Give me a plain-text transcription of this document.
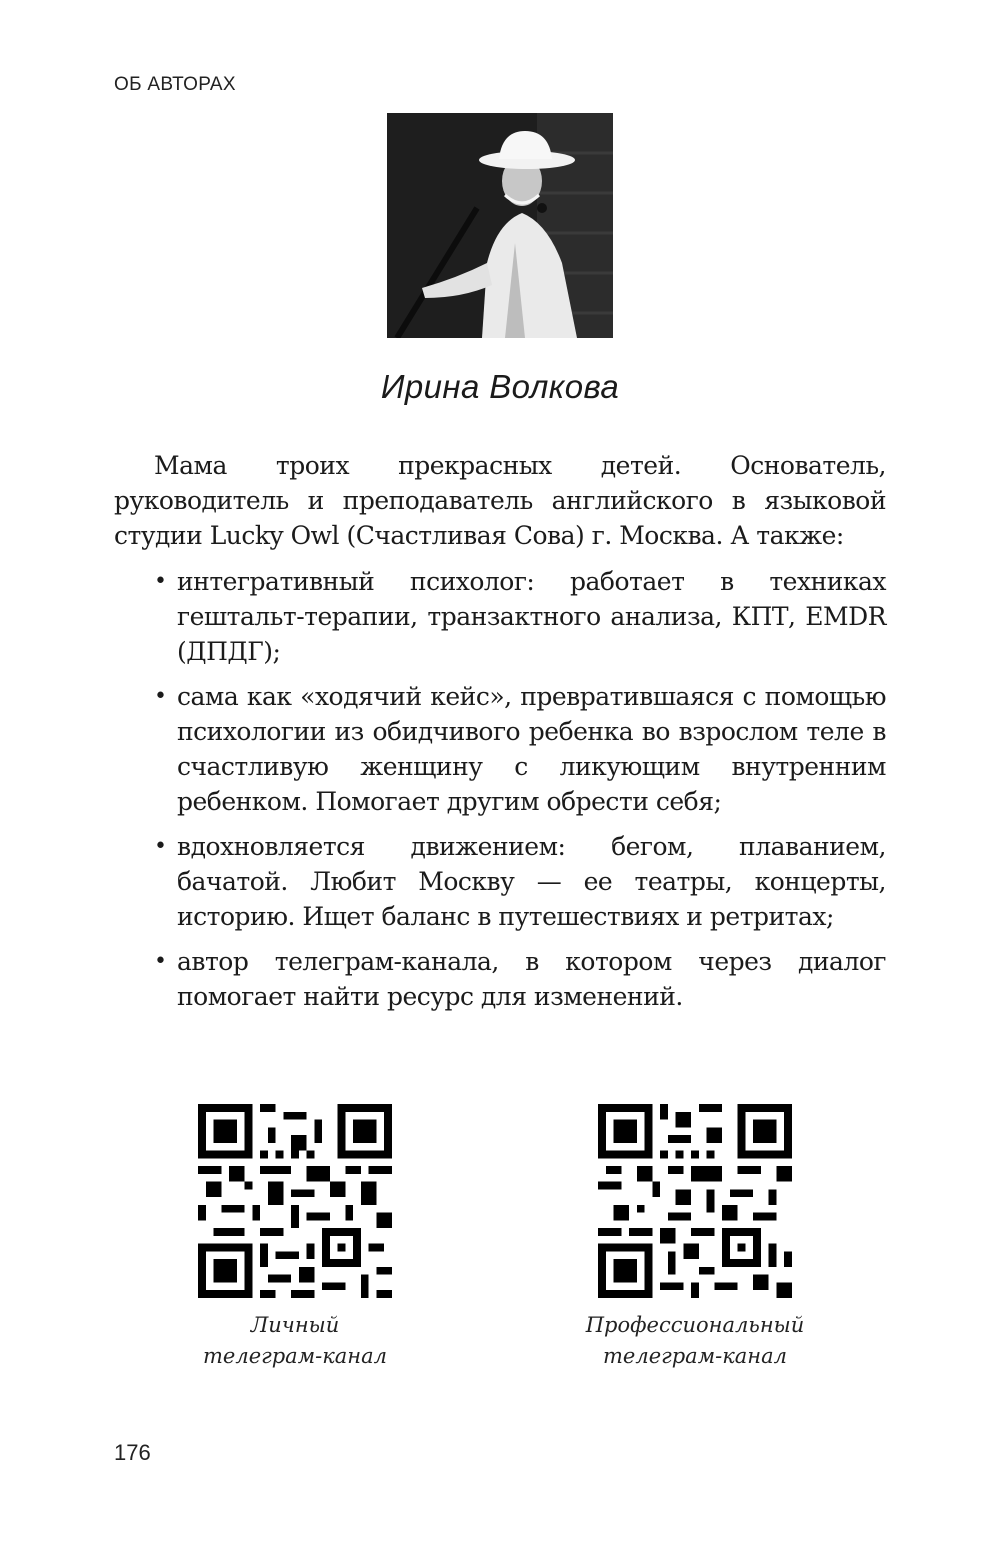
ОБ АВТОРАХ
Ирина Волкова

Мама троих прекрасных детей. Основатель, руководитель и преподаватель английского в языковой студии Lucky Owl (Счастливая Сова) г. Москва. А также:

• интегративный психолог: работает в техниках гештальт-терапии, транзактного анализа, КПТ, EMDR (ДПДГ);
• сама как «ходячий кейс», превратившаяся с помощью психологии из обидчивого ребенка во взрослом теле в счастливую женщину с ликующим внутренним ребенком. Помогает другим обрести себя;
• вдохновляется движением: бегом, плаванием, бачатой. Любит Москву — ее театры, концерты, историю. Ищет баланс в путешествиях и ретритах;
• автор телеграм-канала, в котором через диалог помогает найти ресурс для изменений.
Личный
телеграм-канал
Профессиональный
телеграм-канал
176
